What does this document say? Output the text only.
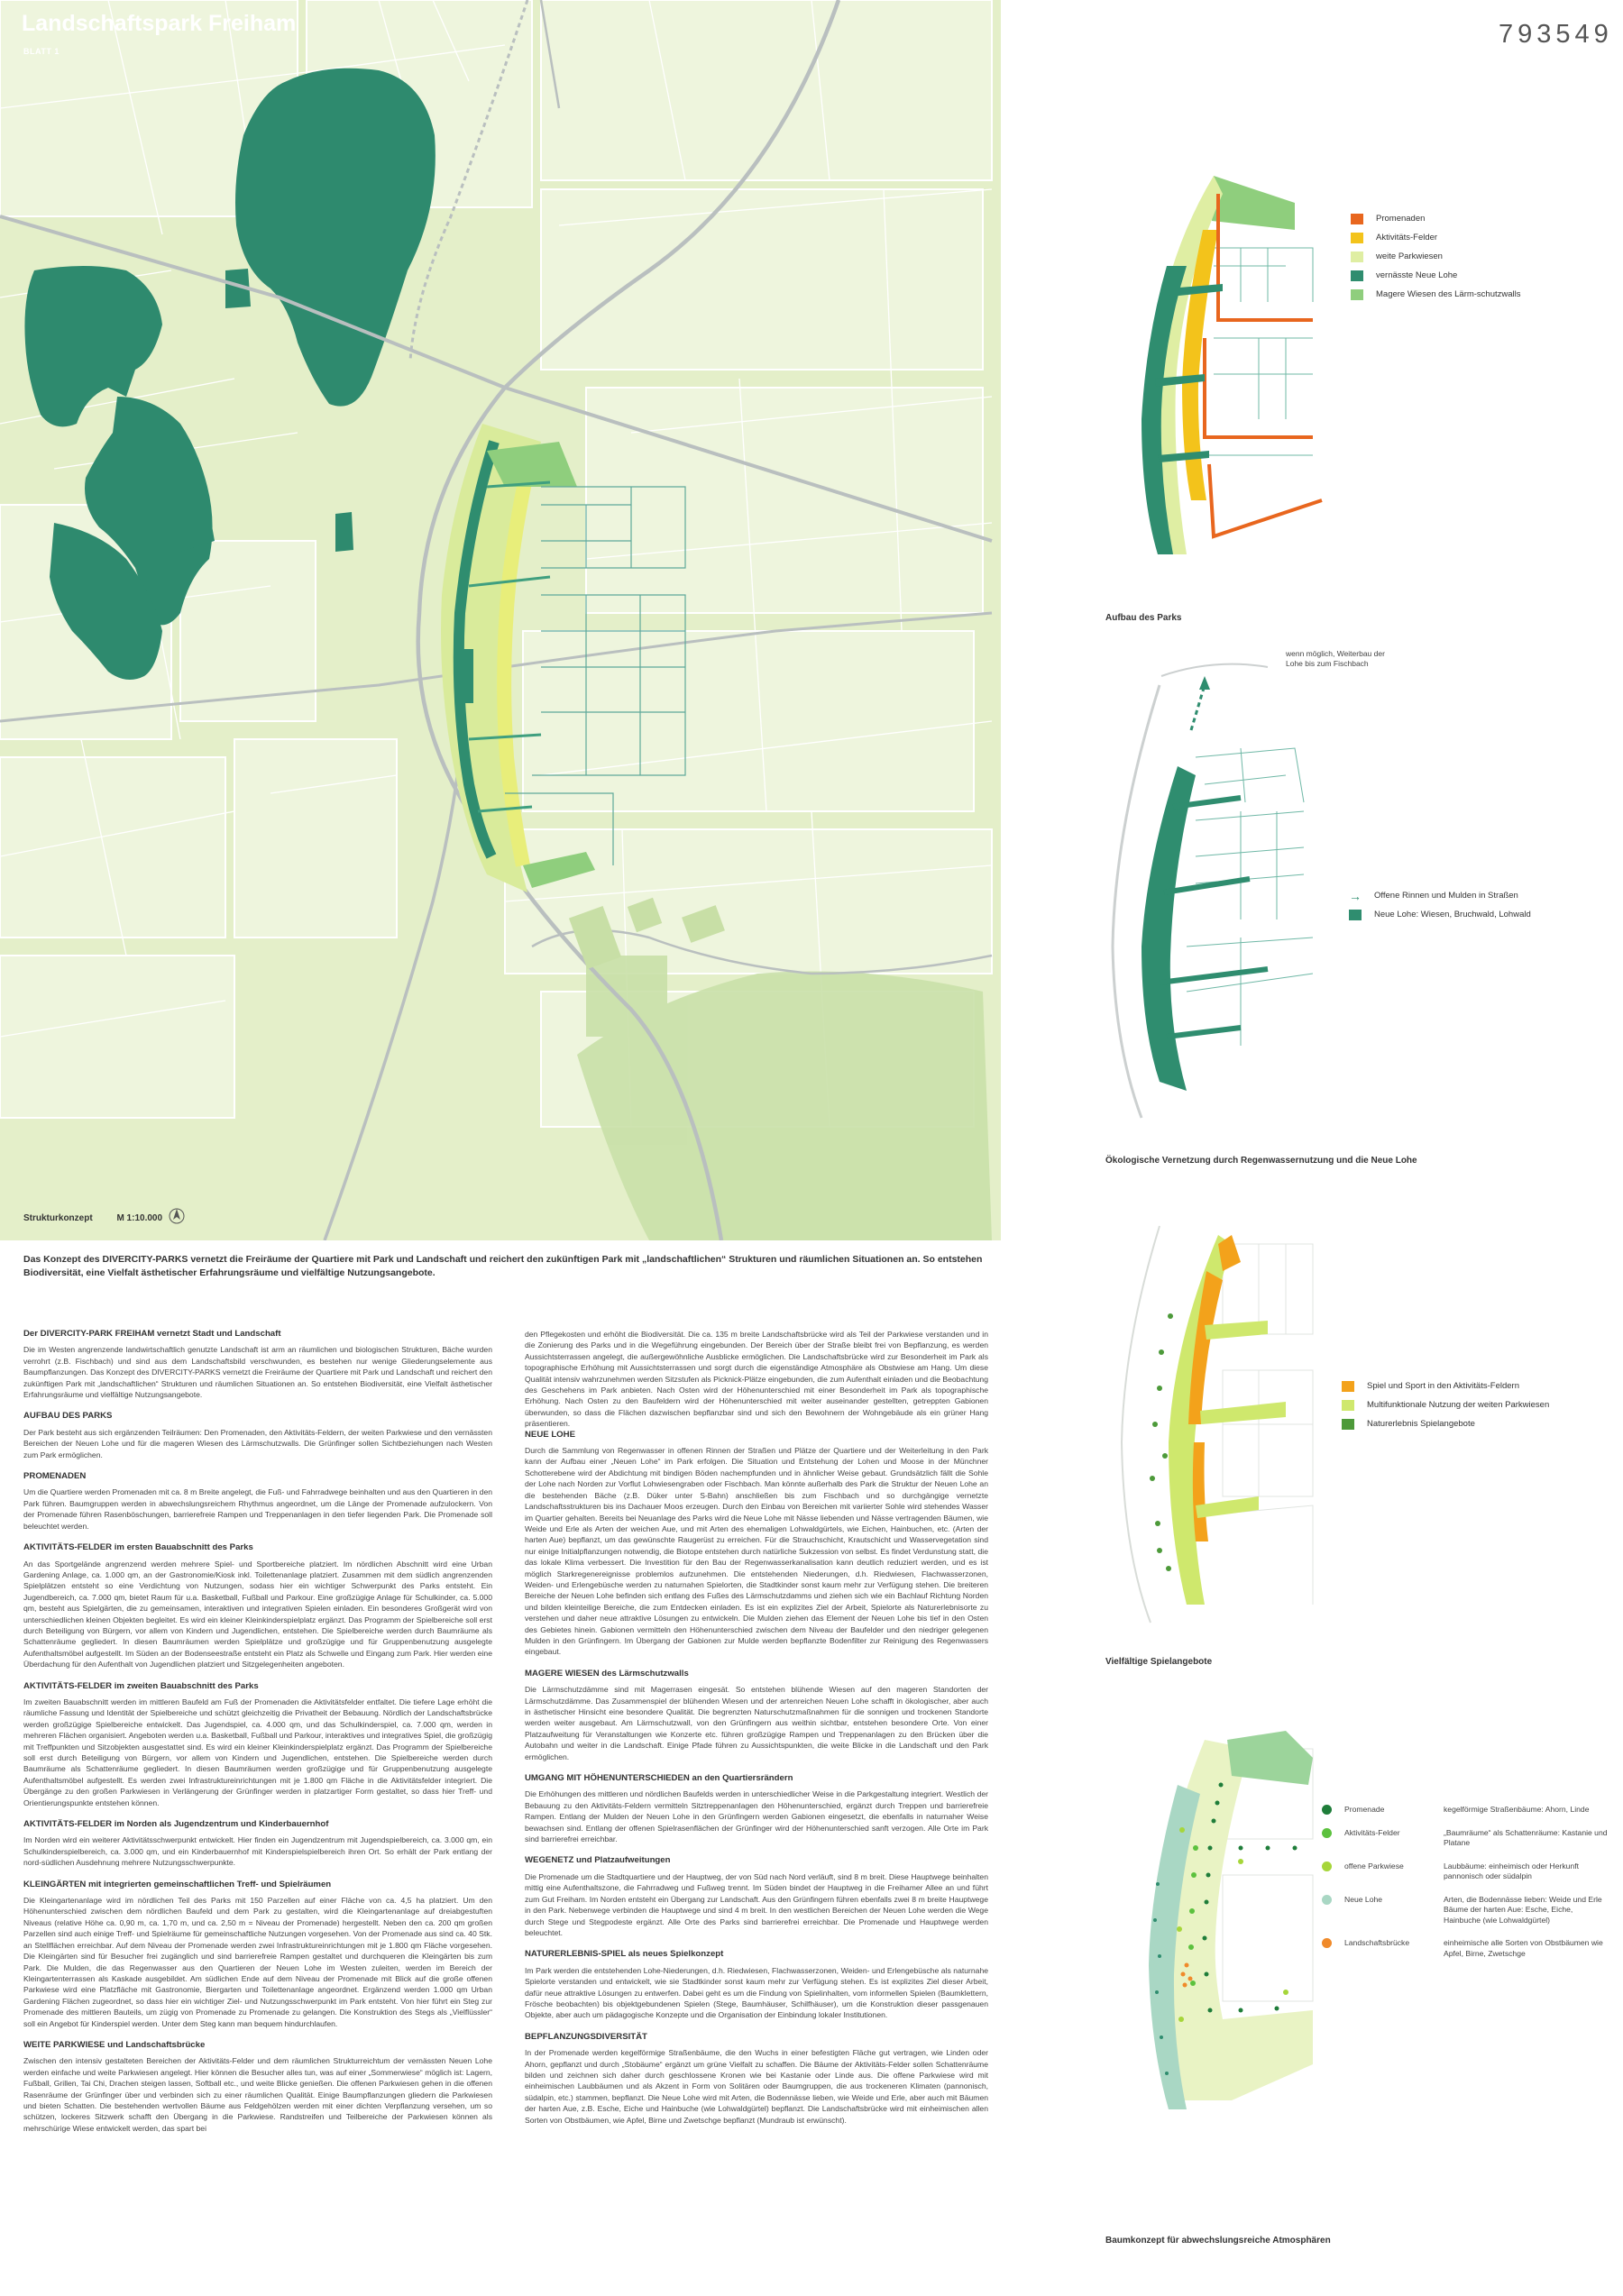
Landschaftspark Freiham
BLATT 1
793549
Strukturkonzept	M 1:10.000
Das Konzept des DIVERCITY-PARKS vernetzt die Freiräume der Quartiere mit Park und Landschaft und reichert den zukünftigen Park mit „landschaftlichen“ Strukturen und räumlichen Situationen an. So entstehen Biodiversität, eine Vielfalt ästhetischer Erfahrungsräume und vielfältige Nutzungsangebote.
Der DIVERCITY-PARK FREIHAM vernetzt Stadt und Landschaft

Die im Westen angrenzende landwirtschaftlich genutzte Landschaft ist arm an räumlichen und biologischen Strukturen, Bäche wurden verrohrt (z.B. Fischbach) und sind aus dem Landschaftsbild verschwunden, es bestehen nur wenige Gliederungselemente aus Baumpflanzungen. Das Konzept des DIVERCITY-PARKS vernetzt die Freiräume der Quartiere mit Park und Landschaft und reichert den zukünftigen Park mit „landschaftlichen“ Strukturen und räumlichen Situationen an. So entstehen Biodiversität, eine Vielfalt ästhetischer Erfahrungsräume und vielfältige Nutzungsangebote.

AUFBAU DES PARKS

Der Park besteht aus sich ergänzenden Teilräumen: Den Promenaden, den Aktivitäts-Feldern, der weiten Parkwiese und den vernässten Bereichen der Neuen Lohe und für die mageren Wiesen des Lärmschutzwalls. Die Grünfinger sollen Sichtbeziehungen nach Westen zum Park ermöglichen.

PROMENADEN

Um die Quartiere werden Promenaden mit ca. 8 m Breite angelegt, die Fuß- und Fahrradwege beinhalten und aus den Quartieren in den Park führen. Baumgruppen werden in abwechslungsreichem Rhythmus angeordnet, um die Länge der Promenade aufzulockern. Von der Promenade führen Rasenböschungen, barrierefreie Rampen und Treppenanlagen in den tiefer liegenden Park. Die Promenade soll beleuchtet werden.

AKTIVITÄTS-FELDER im ersten Bauabschnitt des Parks

An das Sportgelände angrenzend werden mehrere Spiel- und Sportbereiche platziert. Im nördlichen Abschnitt wird eine Urban Gardening Anlage, ca. 1.000 qm, an der Gastronomie/Kiosk inkl. Toilettenanlage platziert. Zusammen mit dem südlich angrenzenden Spielplätzen entsteht so eine Verdichtung von Nutzungen, sodass hier ein wichtiger Schwerpunkt des Parks entsteht. Ein Jugendbereich, ca. 7.000 qm, bietet Raum für u.a. Basketball, Fußball und Parkour. Eine großzügige Anlage für Schulkinder, ca. 5.000 qm, besteht aus Spielgärten, die zu gemeinsamen, interaktiven und integrativen Spielen einladen. Ein besonderes Großgerät wird von unterschiedlichen kleinen Objekten begleitet. Es wird ein kleiner Kleinkinderspielplatz ergänzt. Das Programm der Spielbereiche soll erst durch Beteiligung von Bürgern, vor allem von Kindern und Jugendlichen, entstehen. Die Spielbereiche werden durch Baumräume als Schattenräume gegliedert. In diesen Baumräumen werden Spielplätze und großzügige und für Gruppenbenutzung ausgelegte Aufenthaltsmöbel aufgestellt. Im Süden an der Bodenseestraße entsteht ein Platz als Schwelle und Eingang zum Park. Hier werden eine Überdachung für den Aufenthalt von Jugendlichen platziert und Sitzgelegenheiten angeboten.

AKTIVITÄTS-FELDER im zweiten Bauabschnitt des Parks

Im zweiten Bauabschnitt werden im mittleren Baufeld am Fuß der Promenaden die Aktivitätsfelder entfaltet. Die tiefere Lage erhöht die räumliche Fassung und Identität der Spielbereiche und schützt gleichzeitig die Privatheit der Bebauung. Nördlich der Landschaftsbrücke werden großzügige Spielbereiche entwickelt. Das Jugendspiel, ca. 4.000 qm, und das Schulkinderspiel, ca. 7.000 qm, werden in mehreren Flächen organisiert. Angeboten werden u.a. Basketball, Fußball und Parkour, interaktives und integratives Spiel, die großzügig mit Treffpunkten und Sitzobjekten ausgestattet sind. Es wird ein kleiner Kleinkinderspielplatz ergänzt. Das Programm der Spielbereiche soll erst durch Beteiligung von Bürgern, vor allem von Kindern und Jugendlichen, entstehen. Die Spielbereiche werden durch Baumräume als Schattenräume gegliedert. In diesen Baumräumen werden großzügige und für Gruppenbenutzung ausgelegte Aufenthaltsmöbel aufgestellt. Es werden zwei Infrastruktureinrichtungen mit je 1.800 qm Fläche in die Aktivitätsfelder integriert. Die Übergänge zu den großen Parkwiesen in Verlängerung der Grünfinger werden in platzartiger Form gestaltet, so dass hier Treff- und Orientierungspunkte entstehen können.

AKTIVITÄTS-FELDER im Norden als Jugendzentrum und Kinderbauernhof

Im Norden wird ein weiterer Aktivitätsschwerpunkt entwickelt. Hier finden ein Jugendzentrum mit Jugendspielbereich, ca. 3.000 qm, ein Schulkinderspielbereich, ca. 3.000 qm, und ein Kinderbauernhof mit Kinderspielspielbereich ihren Ort. So erhält der Park entlang der nord-südlichen Ausdehnung mehrere Nutzungsschwerpunkte.

KLEINGÄRTEN mit integrierten gemeinschaftlichen Treff- und Spielräumen

Die Kleingartenanlage wird im nördlichen Teil des Parks mit 150 Parzellen auf einer Fläche von ca. 4,5 ha platziert. Um den Höhenunterschied zwischen dem nördlichen Baufeld und dem Park zu gestalten, wird die Kleingartenanlage auf dreiabgestuften Niveaus (relative Höhe ca. 0,90 m, ca. 1,70 m, und ca. 2,50 m = Niveau der Promenade) hergestellt. Neben den ca. 200 qm großen Parzellen sind auch einige Treff- und Spielräume für gemeinschaftliche Nutzungen vorgesehen. Von der Promenade aus sind ca. 40 Stk. an Stellflächen erreichbar. Auf dem Niveau der Promenade werden zwei Infrastruktureinrichtungen mit je 1.800 qm Fläche vorgesehen. Die Kleingärten sind für Besucher frei zugänglich und sind barrierefreie Rampen gestaltet und durchqueren die Kleingärten bis zum Park. Die Mulden, die das Regenwasser aus den Quartieren der Neuen Lohe im Westen zuleiten, werden im Bereich der Kleingartenterrassen als Kaskade ausgebildet. Am südlichen Ende auf dem Niveau der Promenade mit Blick auf die große offenen Parkwiese wird eine Platzfläche mit Gastronomie, Biergarten und Toilettenanlage angeordnet. Ergänzend werden 1.000 qm Urban Gardening Flächen zugeordnet, so dass hier ein wichtiger Ziel- und Nutzungsschwerpunkt im Park entsteht. Von hier führt ein Steg zur Promenade des mittleren Bauteils, um zügig von Promenade zu Promenade zu gelangen. Die Konstruktion des Stegs als „Vielflüssler“ soll ein Angebot für Kinderspiel werden. Unter dem Steg kann man bequem hindurchlaufen.

WEITE PARKWIESE und Landschaftsbrücke

Zwischen den intensiv gestalteten Bereichen der Aktivitäts-Felder und dem räumlichen Strukturreichtum der vernässten Neuen Lohe werden einfache und weite Parkwiesen angelegt. Hier können die Besucher alles tun, was auf einer „Sommerwiese“ möglich ist: Lagern, Fußball, Grillen, Tai Chi, Drachen steigen lassen, Softball etc., und weite Blicke genießen. Die offenen Parkwiesen gehen in die offenen Rasenräume der Grünfinger über und verbinden sich zu einer räumlichen Qualität. Einige Baumpflanzungen gliedern die Parkwiesen und bieten Schatten. Die bestehenden wertvollen Bäume aus Feldgehölzen werden mit einer dichten Verpflanzung versehen, um so schützen, lockeres Sitzwerk schafft den Übergang in die Parkwiese. Randstreifen und Teilbereiche der Parkwiesen können als mehrschürige Wiese entwickelt werden, das spart bei

den Pflegekosten und erhöht die Biodiversität. Die ca. 135 m breite Landschaftsbrücke wird als Teil der Parkwiese verstanden und in die Zonierung des Parks und in die Wegeführung eingebunden. Der Bereich über der Straße bleibt frei von Bepflanzung, es werden Aussichtsterrassen angelegt, die außergewöhnliche Ausblicke ermöglichen. Die Landschaftsbrücke wird zur Besonderheit im Park als topographische Erhöhung mit Aussichtsterrassen und sorgt durch die eigenständige Atmosphäre als Obstwiese am Hang. Um diese Qualität intensiv wahrzunehmen werden Sitzstufen als Picknick-Plätze eingebunden, die zum Aufenthalt einladen und die Beobachtung des Geschehens im Park anbieten. Nach Osten wird der Höhenunterschied mit einer Besonderheit im Park als topographische Erhöhung. Nach Osten zu den Baufeldern wird der Höhenunterschied mit weiter auseinander gestellten, getreppten Gabionen überwunden, so dass die Flächen dazwischen bepflanzbar sind und sich den Bewohnern der Wohngebäude als ein grüner Hang präsentieren.

NEUE LOHE

Durch die Sammlung von Regenwasser in offenen Rinnen der Straßen und Plätze der Quartiere und der Weiterleitung in den Park kann der Aufbau einer „Neuen Lohe“ im Park erfolgen. Die Situation und Entstehung der Lohen und Moose in der Münchner Schotterebene wird der Abdichtung mit bindigen Böden nachempfunden und in ähnlicher Weise gebaut. Grundsätzlich fällt die Sohle der Lohe nach Norden zur Vorflut Lohwiesengraben oder Fischbach. Man könnte außerhalb des Park die Struktur der Neuen Lohe an die bestehenden Bäche (z.B. Düker unter S-Bahn) anschließen bis zum Fischbach und so durchgängige vernetzte Landschaftsstrukturen bis ins Dachauer Moos erzeugen. Durch den Einbau von Bereichen mit variierter Sohle wird stehendes Wasser im Quartier gehalten. Bereits bei Neuanlage des Parks wird die Neue Lohe mit Nässe liebenden und Nässe vertragenden Bäumen, wie Weide und Erle als Arten der weichen Aue, und mit Arten des ehemaligen Lohwaldgürtels, wie Eichen, Hainbuchen, etc. (Arten der harten Aue) bepflanzt, um das gewünschte Raugerüst zu erreichen. Für die Strauchschicht, Krautschicht und Wasservegetation sind nur einige Initialpflanzungen notwendig, die Biotope entstehen durch natürliche Sukzession von selbst. Es findet Verdunstung statt, die das lokale Klima verbessert. Die Investition für den Bau der Regenwasserkanalisation kann deutlich reduziert werden, und es ist möglich Starkregenereignisse problemlos aufzunehmen. Die entstehenden Niederungen, d.h. Riedwiesen, Flachwasserzonen, Weiden- und Erlengebüsche werden zu naturnahen Spielorten, die Stadtkinder sonst kaum mehr zur Verfügung stehen. Die breiteren Bereiche der Neuen Lohe befinden sich entlang des Fußes des Lärmschutzdamms und ziehen sich wie ein Bachlauf Richtung Norden und bilden kleinteilige Bereiche, die zum Entdecken einladen. Es ist ein explizites Ziel der Arbeit, Spielorte als Naturerlebnisorte zu verstehen und daher neue attraktive Lösungen zu entwickeln. Die Mulden ziehen das Element der Neuen Lohe bis tief in den Osten des Gebietes hinein. Gabionen vermitteln den Höhenunterschied zwischen dem Niveau der Baufelder und den niedriger gelegenen Mulden in den Grünfingern. Im Übergang der Gabionen zur Mulde werden bepflanzte Bodenfilter zur Reinigung des Regenwassers eingebaut.

MAGERE WIESEN des Lärmschutzwalls

Die Lärmschutzdämme sind mit Magerrasen eingesät. So entstehen blühende Wiesen auf den mageren Standorten der Lärmschutzdämme. Das Zusammenspiel der blühenden Wiesen und der artenreichen Neuen Lohe schafft in ökologischer, aber auch in ästhetischer Hinsicht eine besondere Qualität. Die begrenzten Naturschutzmaßnahmen für die sonnigen und trockenen Standorte werden weiter ausgebaut. Am Lärmschutzwall, von den Grünfingern aus weithin sichtbar, entstehen besondere Orte. Von einer Platzaufweitung für Veranstaltungen wie Konzerte etc. führen großzügige Rampen und Treppenanlagen zu den Brücken über die Autobahn und weiter in die Landschaft. Einige Pfade führen zu Aussichtspunkten, die weite Blicke in die Landschaft und den Park ermöglichen.

UMGANG MIT HÖHENUNTERSCHIEDEN an den Quartiersrändern

Die Erhöhungen des mittleren und nördlichen Baufelds werden in unterschiedlicher Weise in die Parkgestaltung integriert. Westlich der Bebauung zu den Aktivitäts-Feldern vermitteln Sitztreppenanlagen den Höhenunterschied, ergänzt durch Treppen und barrierefreie Rampen. Entlang der Mulden der Neuen Lohe in den Grünfingern werden Gabionen eingesetzt, die ebenfalls in naturnaher Weise bewachsen sind. Entlang der offenen Spielrasenflächen der Grünfinger wird der Höhenunterschied sanft verzogen. Alle Orte im Park sind barrierefrei erreichbar.

WEGENETZ und Platzaufweitungen

Die Promenade um die Stadtquartiere und der Hauptweg, der von Süd nach Nord verläuft, sind 8 m breit. Diese Hauptwege beinhalten mittig eine Aufenthaltszone, die Fahrradweg und Fußweg trennt. Im Süden bindet der Hauptweg in die Freihamer Allee an und führt zum Gut Freiham. Im Norden entsteht ein Übergang zur Landschaft. Aus den Grünfingern führen ebenfalls zwei 8 m breite Hauptwege in den Park. Nebenwege verbinden die Hauptwege und sind 4 m breit. In den westlichen Bereichen der Neuen Lohe werden die Wege durch Stege und Stegpodeste ergänzt. Alle Orte des Parks sind barrierefrei erreichbar. Die Promenade und Hauptwege werden beleuchtet.

NATURERLEBNIS-SPIEL als neues Spielkonzept

Im Park werden die entstehenden Lohe-Niederungen, d.h. Riedwiesen, Flachwasserzonen, Weiden- und Erlengebüsche als naturnahe Spielorte verstanden und entwickelt, wie sie Stadtkinder sonst kaum mehr zur Verfügung stehen. Es ist explizites Ziel dieser Arbeit, dafür neue attraktive Lösungen zu entwerfen. Dabei geht es um die Findung von Spielinhalten, vom informellen Spielen (Baumklettern, Frösche beobachten) bis objektgebundenen Spielen (Stege, Baumhäuser, Schilfhäuser), um die Konstruktion dieser passgenauen Objekte, aber auch um pädagogische Konzepte und die Organisation der Einbindung lokaler Institutionen.

BEPFLANZUNGSDIVERSITÄT

In der Promenade werden kegelförmige Straßenbäume, die den Wuchs in einer befestigten Fläche gut vertragen, wie Linden oder Ahorn, gepflanzt und durch „Stobäume“ ergänzt um grüne Vielfalt zu schaffen. Die Bäume der Aktivitäts-Felder sollen Schattenräume bilden und zeichnen sich daher durch geschlossene Kronen wie bei Kastanie oder Linde aus. Die offene Parkwiese wird mit einheimischen Laubbäumen und als Akzent in Form von Solitären oder Baumgruppen, die aus trockeneren Klimaten (pannonisch, südalpin, etc.) stammen, bepflanzt. Die Neue Lohe wird mit Arten, die Bodennässe lieben, wie Weide und Erle, aber auch mit Bäumen der harten Aue, z.B. Esche, Eiche und Hainbuche (wie Lohwaldgürtel) bepflanzt. Die Landschaftsbrücke wird mit einheimischen allen Sorten von Obstbäumen, wie Apfel, Birne und Zwetschge bepflanzt (Mundraub ist erwünscht).

Aufbau des Parks
Promenaden
Aktivitäts-Felder
weite Parkwiesen
vernässte Neue Lohe
Magere Wiesen des Lärm-schutzwalls
wenn möglich, Weiterbau der Lohe bis zum Fischbach
→ Offene Rinnen und Mulden in Straßen
Neue Lohe: Wiesen, Bruchwald, Lohwald
Ökologische Vernetzung durch Regenwassernutzung und die Neue Lohe
Spiel und Sport in den Aktivitäts-Feldern
Multifunktionale Nutzung der weiten Parkwiesen
Naturerlebnis Spielangebote
Vielfältige Spielangebote
Promenade	kegelförmige Straßenbäume: Ahorn, Linde
Aktivitäts-Felder	„Baumräume“ als Schattenräume: Kastanie und Platane
offene Parkwiese	Laubbäume: einheimisch oder Herkunft pannonisch oder südalpin
Neue Lohe	Arten, die Bodennässe lieben: Weide und Erle Bäume der harten Aue: Esche, Eiche, Hainbuche (wie Lohwaldgürtel)
Landschaftsbrücke	einheimische alle Sorten von Obstbäumen wie Apfel, Birne, Zwetschge
Baumkonzept für abwechslungsreiche Atmosphären
